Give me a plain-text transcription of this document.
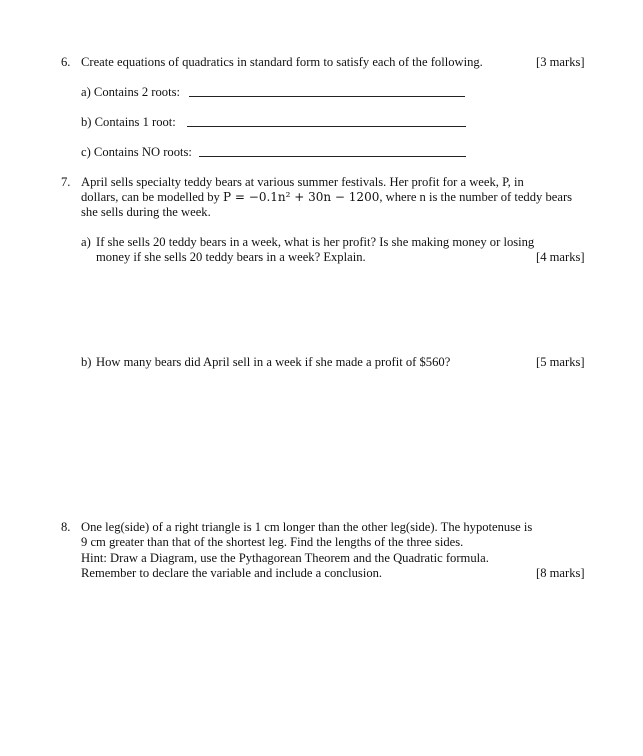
6. Create equations of quadratics in standard form to satisfy each of the following.	[3 marks]
a) Contains 2 roots:
b) Contains 1 root:
c) Contains NO roots:
7. April sells specialty teddy bears at various summer festivals. Her profit for a week, P, in
dollars, can be modelled by P = −0.1n² + 30n − 1200, where n is the number of teddy bears
she sells during the week.
a) If she sells 20 teddy bears in a week, what is her profit? Is she making money or losing
money if she sells 20 teddy bears in a week? Explain.	[4 marks]
b) How many bears did April sell in a week if she made a profit of $560?	[5 marks]
8. One leg(side) of a right triangle is 1 cm longer than the other leg(side). The hypotenuse is
9 cm greater than that of the shortest leg. Find the lengths of the three sides.
Hint: Draw a Diagram, use the Pythagorean Theorem and the Quadratic formula.
Remember to declare the variable and include a conclusion.	[8 marks]
